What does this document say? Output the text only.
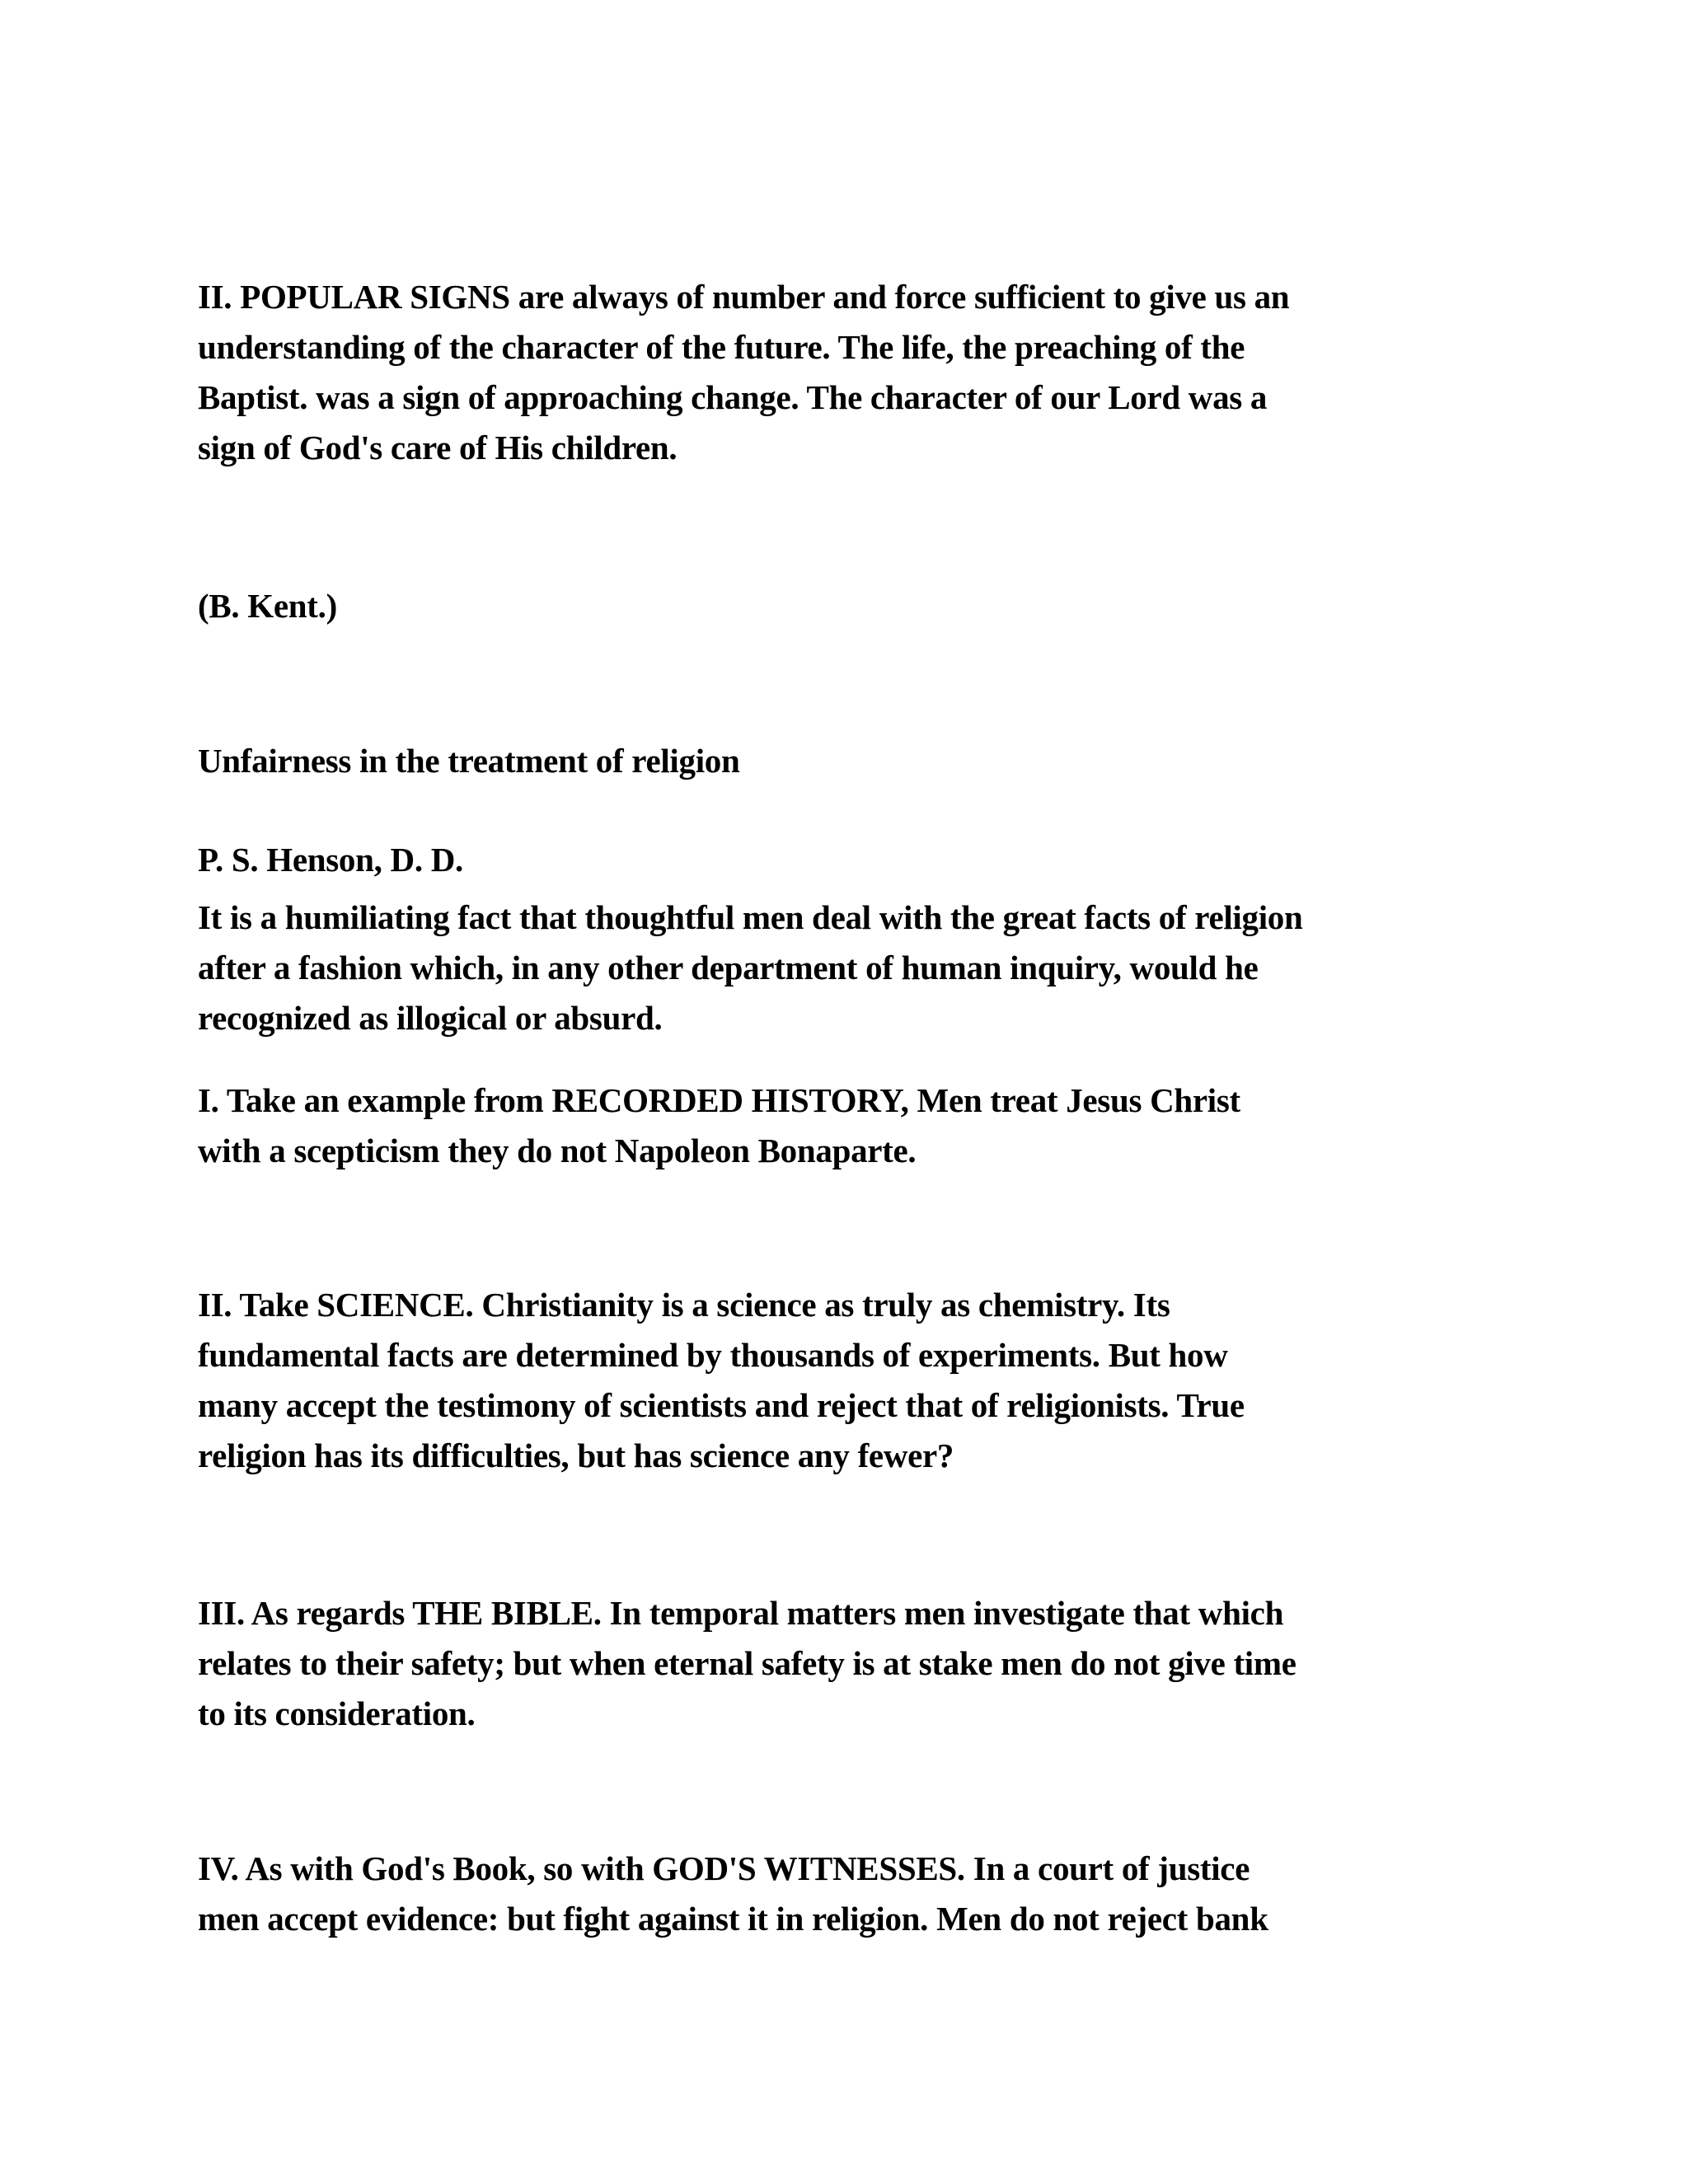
II. POPULAR SIGNS are always of number and force sufficient to give us an
understanding of the character of the future. The life, the preaching of the
Baptist. was a sign of approaching change. The character of our Lord was a
sign of God's care of His children.

(B. Kent.)

Unfairness in the treatment of religion

P. S. Henson, D. D.

It is a humiliating fact that thoughtful men deal with the great facts of religion
after a fashion which, in any other department of human inquiry, would he
recognized as illogical or absurd.

I. Take an example from RECORDED HISTORY, Men treat Jesus Christ
with a scepticism they do not Napoleon Bonaparte.

II. Take SCIENCE. Christianity is a science as truly as chemistry. Its
fundamental facts are determined by thousands of experiments. But how
many accept the testimony of scientists and reject that of religionists. True
religion has its difficulties, but has science any fewer?

III. As regards THE BIBLE. In temporal matters men investigate that which
relates to their safety; but when eternal safety is at stake men do not give time
to its consideration.

IV. As with God's Book, so with GOD'S WITNESSES. In a court of justice
men accept evidence: but fight against it in religion. Men do not reject bank
